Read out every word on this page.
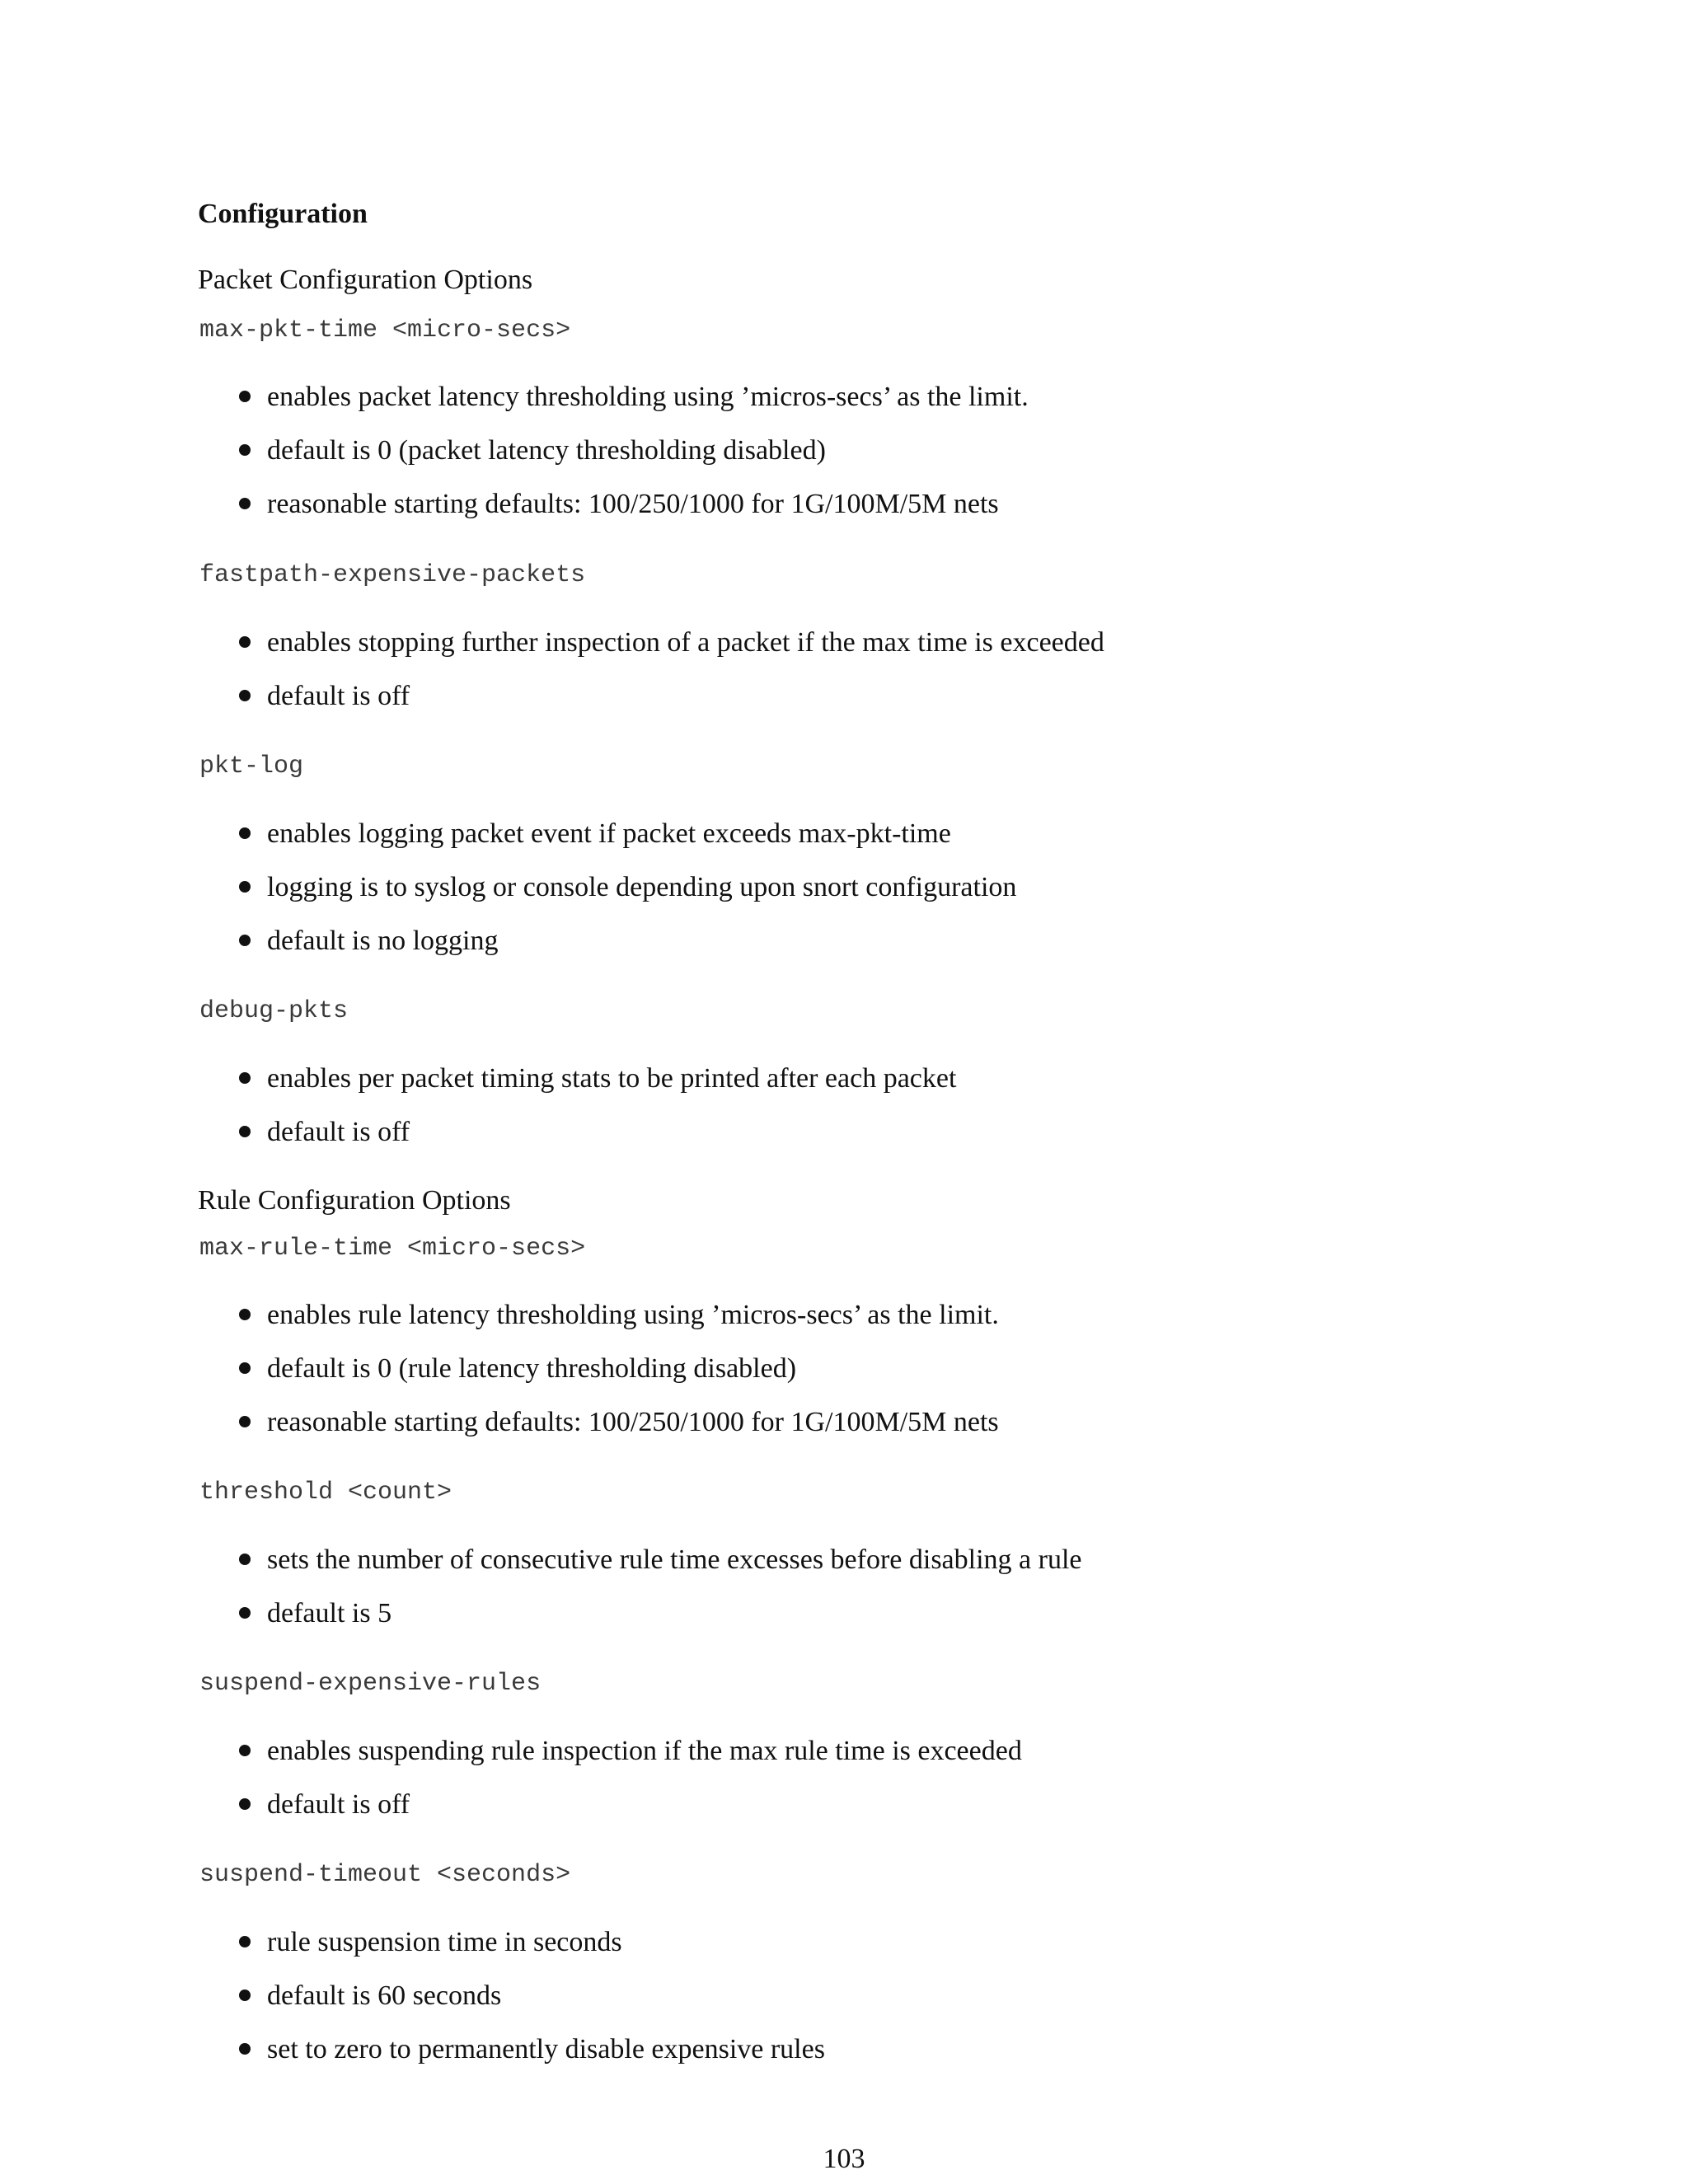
Configuration
Packet Configuration Options
max-pkt-time <micro-secs>
enables packet latency thresholding using ’micros-secs’ as the limit.
default is 0 (packet latency thresholding disabled)
reasonable starting defaults: 100/250/1000 for 1G/100M/5M nets
fastpath-expensive-packets
enables stopping further inspection of a packet if the max time is exceeded
default is off
pkt-log
enables logging packet event if packet exceeds max-pkt-time
logging is to syslog or console depending upon snort configuration
default is no logging
debug-pkts
enables per packet timing stats to be printed after each packet
default is off
Rule Configuration Options
max-rule-time <micro-secs>
enables rule latency thresholding using ’micros-secs’ as the limit.
default is 0 (rule latency thresholding disabled)
reasonable starting defaults: 100/250/1000 for 1G/100M/5M nets
threshold <count>
sets the number of consecutive rule time excesses before disabling a rule
default is 5
suspend-expensive-rules
enables suspending rule inspection if the max rule time is exceeded
default is off
suspend-timeout <seconds>
rule suspension time in seconds
default is 60 seconds
set to zero to permanently disable expensive rules
103
